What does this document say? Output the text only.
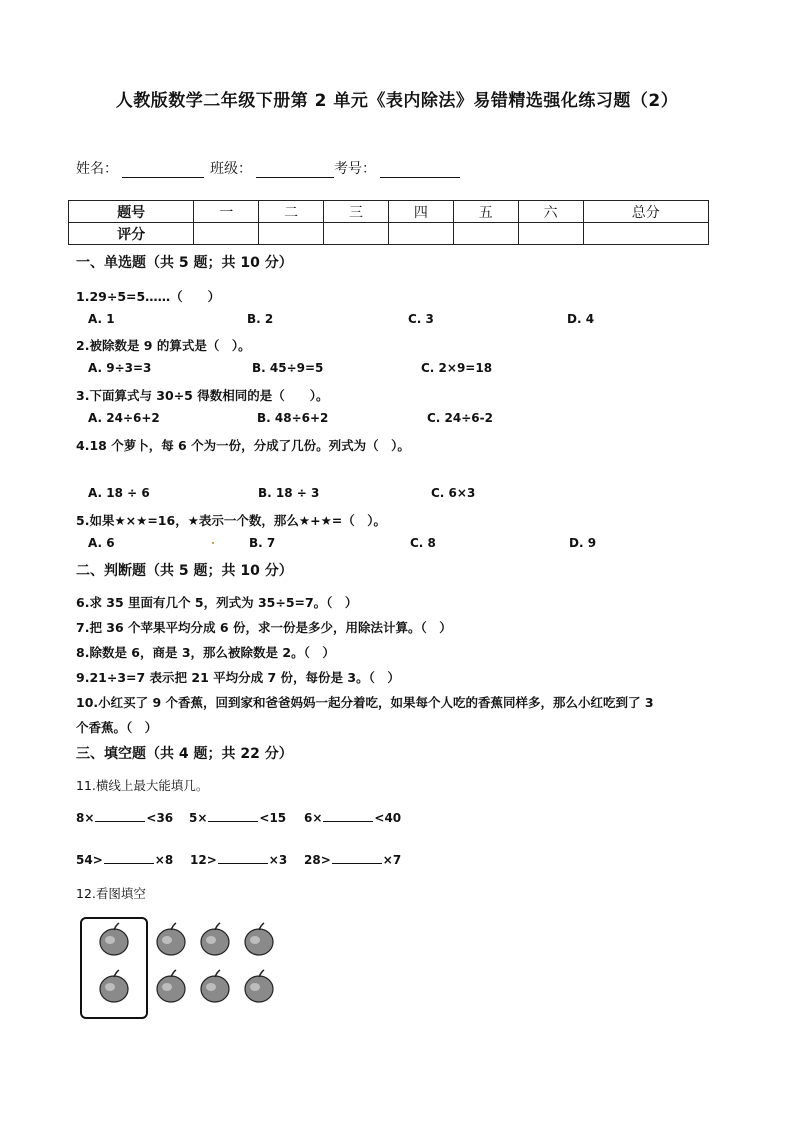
人教版数学二年级下册第 2 单元《表内除法》易错精选强化练习题（2）
姓名：	班级：	考号：
题号	一	二	三	四	五	六	总分
评分							
一、单选题（共 5 题；共 10 分）
1.29÷5=5……（　　）
A. 1	B. 2	C. 3	D. 4
2.被除数是 9 的算式是（　）。
A. 9÷3=3	B. 45÷9=5	C. 2×9=18
3.下面算式与 30÷5 得数相同的是（　　）。
A. 24÷6+2	B. 48÷6+2	C. 24÷6-2
4.18 个萝卜，每 6 个为一份，分成了几份。列式为（　）。
A. 18 ÷ 6	B. 18 ÷ 3	C. 6×3
5.如果★×★=16，★表示一个数，那么★+★=（　）。
A. 6	B. 7	C. 8	D. 9
二、判断题（共 5 题；共 10 分）
6.求 35 里面有几个 5，列式为 35÷5=7。（　）
7.把 36 个苹果平均分成 6 份，求一份是多少，用除法计算。（　）
8.除数是 6，商是 3，那么被除数是 2。（　）
9.21÷3=7 表示把 21 平均分成 7 份，每份是 3。（　）
10.小红买了 9 个香蕉，回到家和爸爸妈妈一起分着吃，如果每个人吃的香蕉同样多，那么小红吃到了 3
个香蕉。（　）
三、填空题（共 4 题；共 22 分）
11.横线上最大能填几。
8×	<36 5×	<15 6×	<40
54>	×8 12>	×3 28>	×7
12.看图填空
